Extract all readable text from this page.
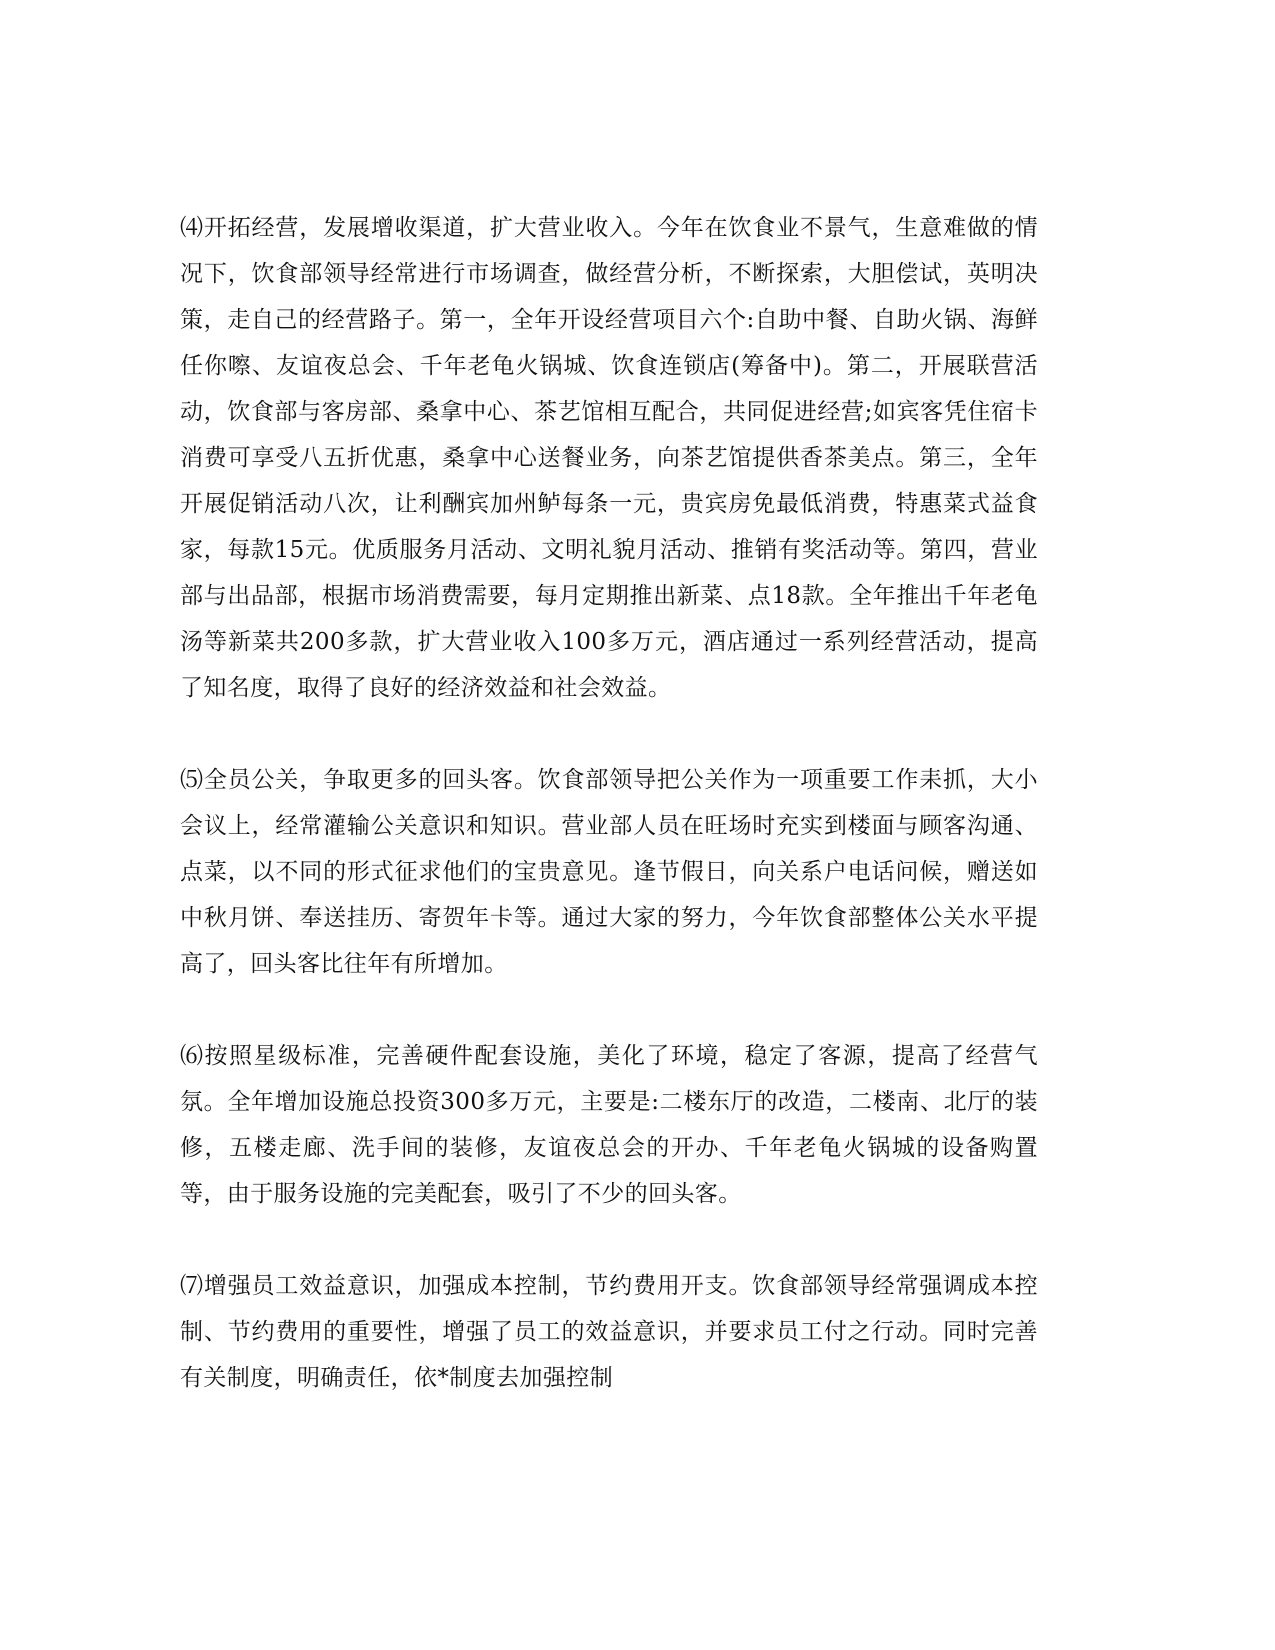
⑷开拓经营，发展增收渠道，扩大营业收入。今年在饮食业不景气，生意难做的情况下，饮食部领导经常进行市场调查，做经营分析，不断探索，大胆偿试，英明决策，走自己的经营路子。第一，全年开设经营项目六个:自助中餐、自助火锅、海鲜任你嚓、友谊夜总会、千年老龟火锅城、饮食连锁店(筹备中)。第二，开展联营活动，饮食部与客房部、桑拿中心、茶艺馆相互配合，共同促进经营;如宾客凭住宿卡消费可享受八五折优惠，桑拿中心送餐业务，向茶艺馆提供香茶美点。第三，全年开展促销活动八次，让利酬宾加州鲈每条一元，贵宾房免最低消费，特惠菜式益食家，每款15元。优质服务月活动、文明礼貌月活动、推销有奖活动等。第四，营业部与出品部，根据市场消费需要，每月定期推出新菜、点18款。全年推出千年老龟汤等新菜共200多款，扩大营业收入100多万元，酒店通过一系列经营活动，提高了知名度，取得了良好的经济效益和社会效益。

⑸全员公关，争取更多的回头客。饮食部领导把公关作为一项重要工作耒抓，大小会议上，经常灌输公关意识和知识。营业部人员在旺场时充实到楼面与顾客沟通、点菜，以不同的形式征求他们的宝贵意见。逢节假日，向关系户电话问候，赠送如中秋月饼、奉送挂历、寄贺年卡等。通过大家的努力，今年饮食部整体公关水平提高了，回头客比往年有所增加。

⑹按照星级标准，完善硬件配套设施，美化了环境，稳定了客源，提高了经营气氛。全年增加设施总投资300多万元，主要是:二楼东厅的改造，二楼南、北厅的装修，五楼走廊、洗手间的装修，友谊夜总会的开办、千年老龟火锅城的设备购置等，由于服务设施的完美配套，吸引了不少的回头客。

⑺增强员工效益意识，加强成本控制，节约费用开支。饮食部领导经常强调成本控制、节约费用的重要性，增强了员工的效益意识，并要求员工付之行动。同时完善有关制度，明确责任，依*制度去加强控制
